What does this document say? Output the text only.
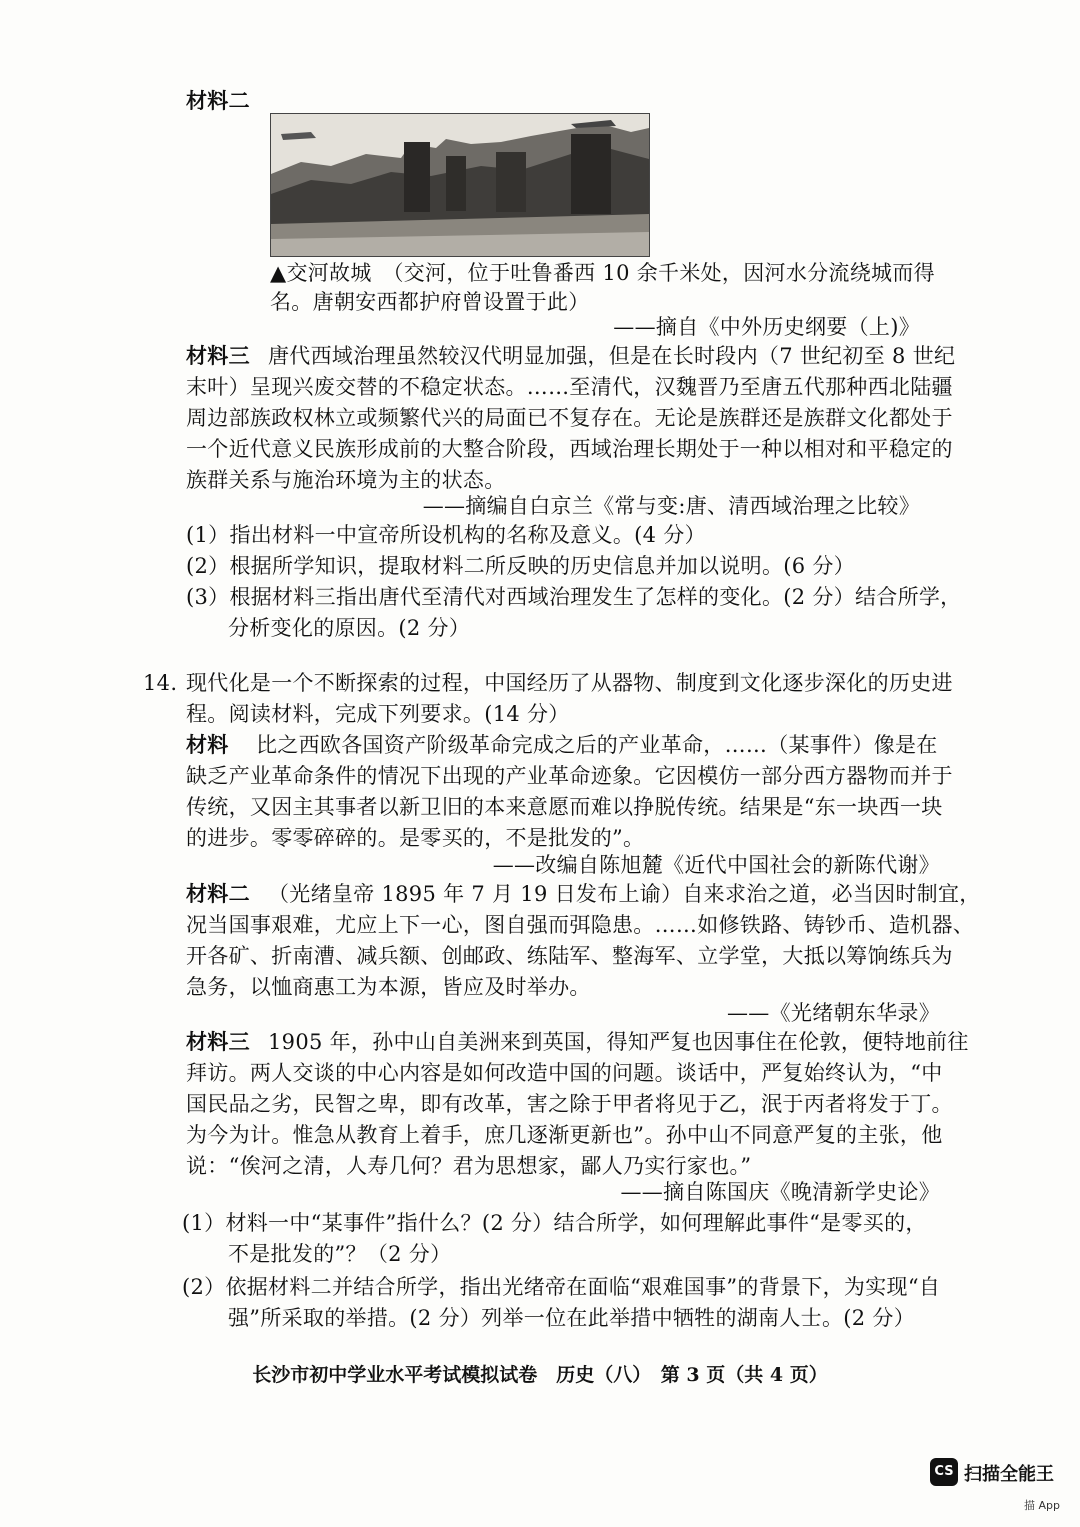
材料二
▲交河故城　（交河，位于吐鲁番西 10 余千米处，因河水分流绕城而得
名。唐朝安西都护府曾设置于此）
——摘自《中外历史纲要（上)》
材料三 唐代西域治理虽然较汉代明显加强，但是在长时段内（7 世纪初至 8 世纪
末叶）呈现兴废交替的不稳定状态。……至清代，汉魏晋乃至唐五代那种西北陆疆
周边部族政权林立或频繁代兴的局面已不复存在。无论是族群还是族群文化都处于
一个近代意义民族形成前的大整合阶段，西域治理长期处于一种以相对和平稳定的
族群关系与施治环境为主的状态。
——摘编自白京兰《常与变:唐、清西域治理之比较》
(1）指出材料一中宣帝所设机构的名称及意义。(4 分）
(2）根据所学知识，提取材料二所反映的历史信息并加以说明。(6 分）
(3）根据材料三指出唐代至清代对西域治理发生了怎样的变化。(2 分）结合所学，
分析变化的原因。(2 分）
14. 现代化是一个不断探索的过程，中国经历了从器物、制度到文化逐步深化的历史进
程。阅读材料，完成下列要求。(14 分）
材料 比之西欧各国资产阶级革命完成之后的产业革命，……（某事件）像是在
缺乏产业革命条件的情况下出现的产业革命迹象。它因模仿一部分西方器物而并于
传统，又因主其事者以新卫旧的本来意愿而难以挣脱传统。结果是“东一块西一块
的进步。零零碎碎的。是零买的，不是批发的”。
——改编自陈旭麓《近代中国社会的新陈代谢》
材料二 （光绪皇帝 1895 年 7 月 19 日发布上谕）自来求治之道，必当因时制宜，
况当国事艰难，尤应上下一心，图自强而弭隐患。……如修铁路、铸钞币、造机器、
开各矿、折南漕、减兵额、创邮政、练陆军、整海军、立学堂，大抵以筹饷练兵为
急务，以恤商惠工为本源，皆应及时举办。
——《光绪朝东华录》
材料三 1905 年，孙中山自美洲来到英国，得知严复也因事住在伦敦，便特地前往
拜访。两人交谈的中心内容是如何改造中国的问题。谈话中，严复始终认为，“中
国民品之劣，民智之卑，即有改革，害之除于甲者将见于乙，泯于丙者将发于丁。
为今为计。惟急从教育上着手，庶几逐渐更新也”。孙中山不同意严复的主张，他
说：“俟河之清，人寿几何？君为思想家，鄙人乃实行家也。”
——摘自陈国庆《晚清新学史论》
(1）材料一中“某事件”指什么？(2 分）结合所学，如何理解此事件“是零买的，
不是批发的”？（2 分）
(2）依据材料二并结合所学，指出光绪帝在面临“艰难国事”的背景下，为实现“自
强”所采取的举措。(2 分）列举一位在此举措中牺牲的湖南人士。(2 分）
长沙市初中学业水平考试模拟试卷　历史（八）　第 3 页（共 4 页）
CS 扫描全能王
描 App
